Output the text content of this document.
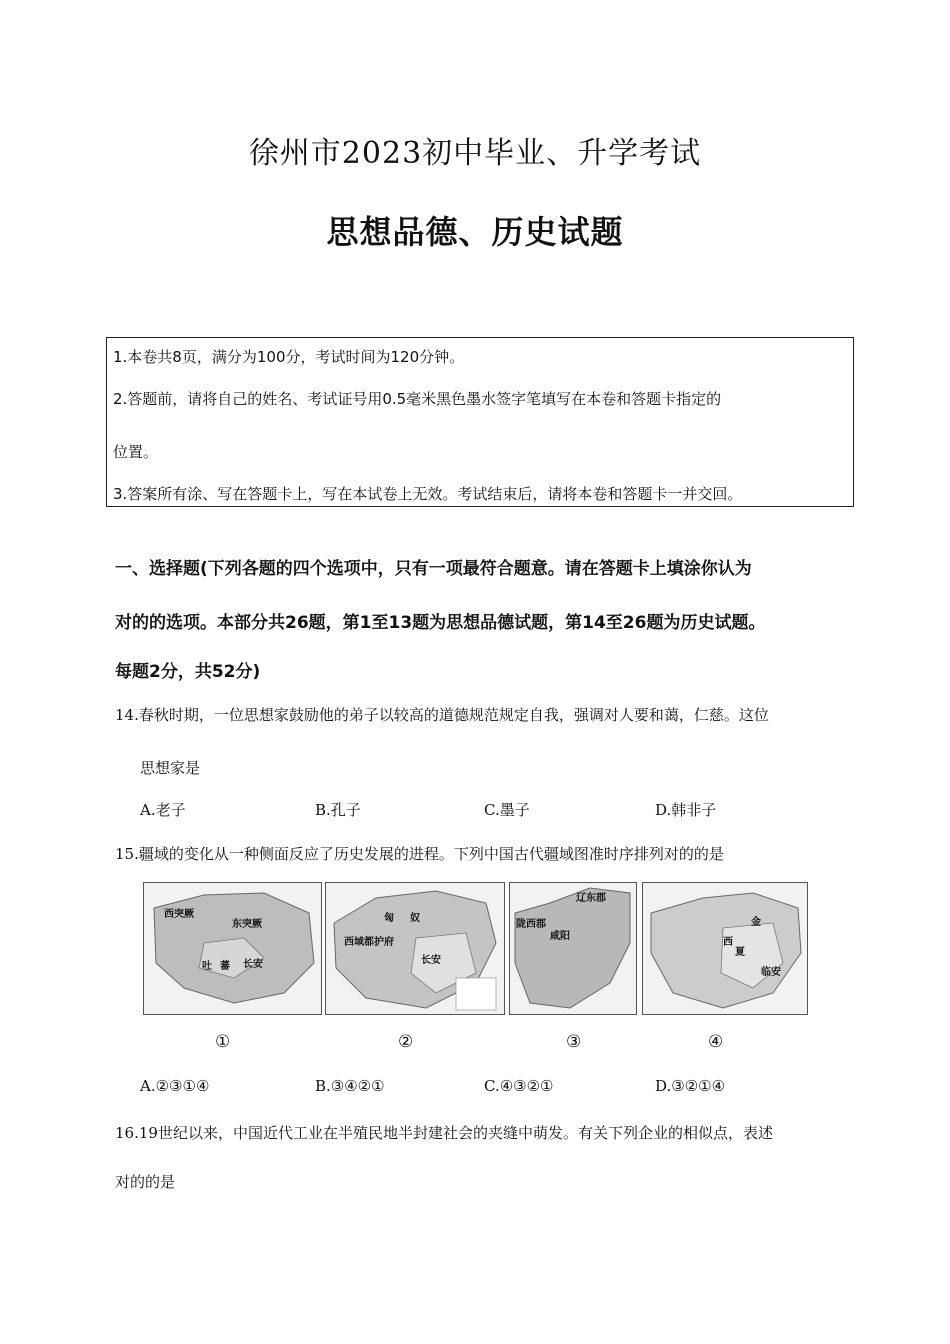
徐州市2023初中毕业、升学考试
思想品德、历史试题
1.本卷共8页，满分为100分，考试时间为120分钟。
2.答题前，请将自己的姓名、考试证号用0.5毫米黑色墨水签字笔填写在本卷和答题卡指定的
位置。
3.答案所有涂、写在答题卡上，写在本试卷上无效。考试结束后，请将本卷和答题卡一并交回。
一、选择题(下列各题的四个选项中，只有一项最符合题意。请在答题卡上填涂你认为
对的的选项。本部分共26题，第1至13题为思想品德试题，第14至26题为历史试题。
每题2分，共52分)
14.春秋时期，一位思想家鼓励他的弟子以较高的道德规范规定自我，强调对人要和蔼，仁慈。这位
思想家是
A.老子	B.孔子	C.墨子	D.韩非子
15.疆域的变化从一种侧面反应了历史发展的进程。下列中国古代疆域图准时序排列对的的是
西突厥
东突厥
吐 蕃 长安
匈 奴
西域都护府
长安
辽东郡
陇西郡
咸阳
金
西
夏
临安
①	②	③	④
A.②③①④	B.③④②①	C.④③②①	D.③②①④
16.19世纪以来，中国近代工业在半殖民地半封建社会的夹缝中萌发。有关下列企业的相似点，表述
对的的是
